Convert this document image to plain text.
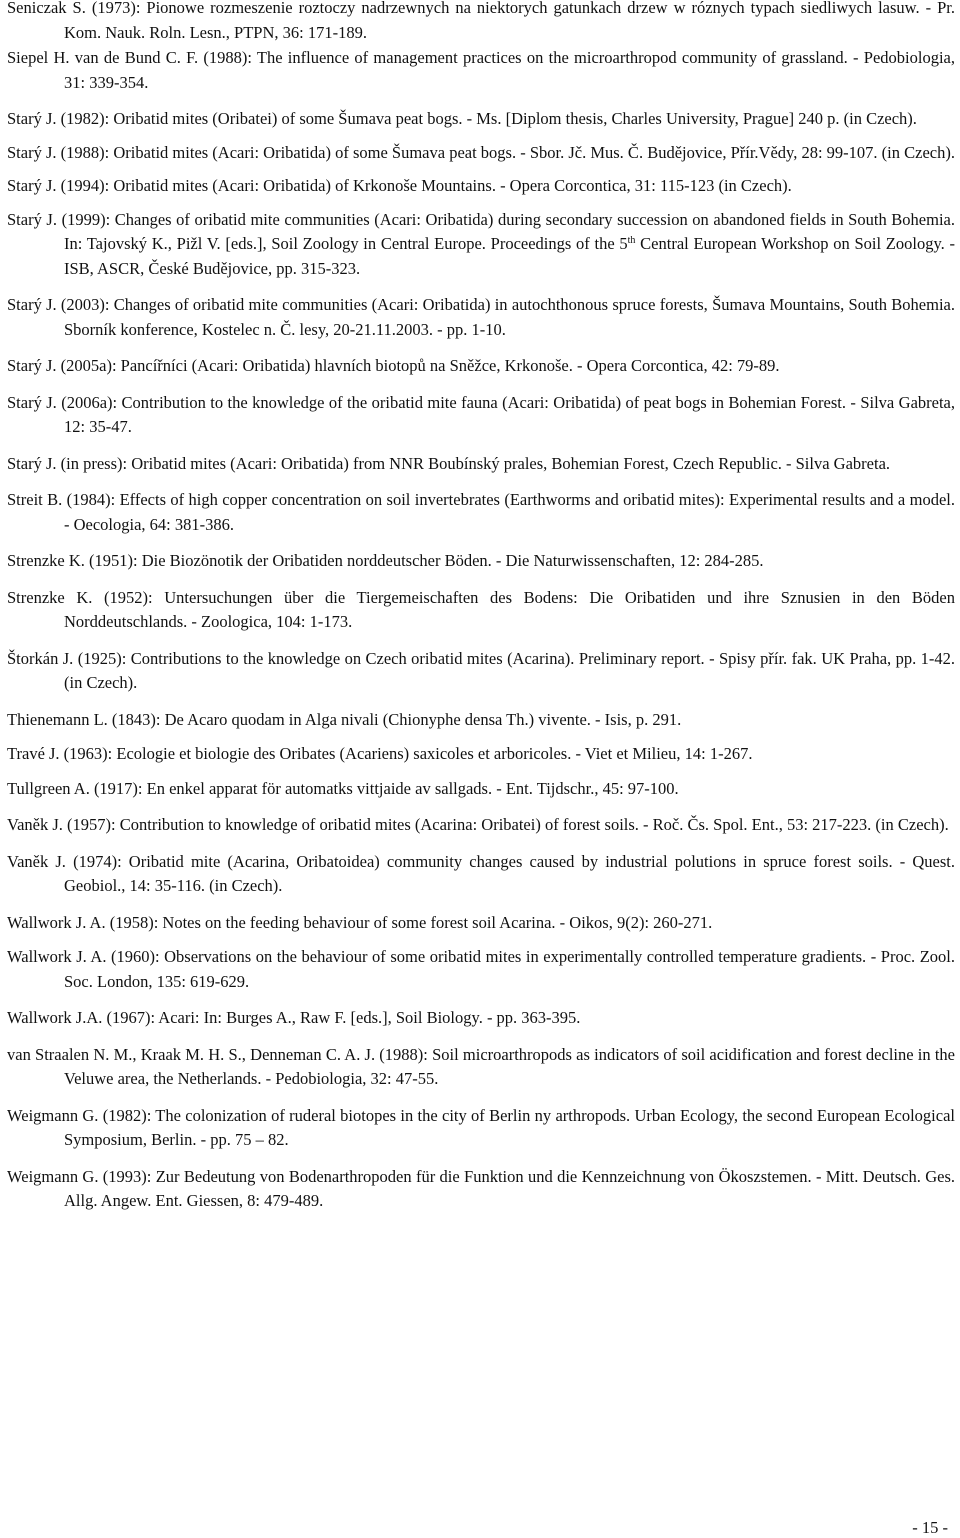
Seniczak S. (1973): Pionowe rozmeszenie roztoczy nadrzewnych na niektorych gatunkach drzew w róznych typach siedliwych lasuw. - Pr. Kom. Nauk. Roln. Lesn., PTPN, 36: 171-189.

Siepel H. van de Bund C. F. (1988): The influence of management practices on the microarthropod community of grassland. - Pedobiologia, 31: 339-354.

Starý J. (1982): Oribatid mites (Oribatei) of some Šumava peat bogs. - Ms. [Diplom thesis, Charles University, Prague] 240 p. (in Czech).

Starý J. (1988): Oribatid mites (Acari: Oribatida) of some Šumava peat bogs. - Sbor. Jč. Mus. Č. Budějovice, Přír.Vědy, 28: 99-107. (in Czech).

Starý J. (1994): Oribatid mites (Acari: Oribatida) of Krkonoše Mountains. - Opera Corcontica, 31: 115-123 (in Czech).

Starý J. (1999): Changes of oribatid mite communities (Acari: Oribatida) during secondary succession on abandoned fields in South Bohemia. In: Tajovský K., Pižl V. [eds.], Soil Zoology in Central Europe. Proceedings of the 5th Central European Workshop on Soil Zoology. - ISB, ASCR, České Budějovice, pp. 315-323.

Starý J. (2003): Changes of oribatid mite communities (Acari: Oribatida) in autochthonous spruce forests, Šumava Mountains, South Bohemia. Sborník konference, Kostelec n. Č. lesy, 20-21.11.2003. - pp. 1-10.

Starý J. (2005a): Pancířníci (Acari: Oribatida) hlavních biotopů na Sněžce, Krkonoše. - Opera Corcontica, 42: 79-89.

Starý J. (2006a): Contribution to the knowledge of the oribatid mite fauna (Acari: Oribatida) of peat bogs in Bohemian Forest. - Silva Gabreta, 12: 35-47.

Starý J. (in press): Oribatid mites (Acari: Oribatida) from NNR Boubínský prales, Bohemian Forest, Czech Republic. - Silva Gabreta.

Streit B. (1984): Effects of high copper concentration on soil invertebrates (Earthworms and oribatid mites): Experimental results and a model. - Oecologia, 64: 381-386.

Strenzke K. (1951): Die Biozönotik der Oribatiden norddeutscher Böden. - Die Naturwissenschaften, 12: 284-285.

Strenzke K. (1952): Untersuchungen über die Tiergemeischaften des Bodens: Die Oribatiden und ihre Sznusien in den Böden Norddeutschlands. - Zoologica, 104: 1-173.

Štorkán J. (1925): Contributions to the knowledge on Czech oribatid mites (Acarina). Preliminary report. - Spisy přír. fak. UK Praha, pp. 1-42. (in Czech).

Thienemann L. (1843): De Acaro quodam in Alga nivali (Chionyphe densa Th.) vivente. - Isis, p. 291.

Travé J. (1963): Ecologie et biologie des Oribates (Acariens) saxicoles et arboricoles. - Viet et Milieu, 14: 1-267.

Tullgreen A. (1917): En enkel apparat för automatks vittjaide av sallgads. - Ent. Tijdschr., 45: 97-100.

Vaněk J. (1957): Contribution to knowledge of oribatid mites (Acarina: Oribatei) of forest soils. - Roč. Čs. Spol. Ent., 53: 217-223. (in Czech).

Vaněk J. (1974): Oribatid mite (Acarina, Oribatoidea) community changes caused by industrial polutions in spruce forest soils. - Quest. Geobiol., 14: 35-116. (in Czech).

Wallwork J. A. (1958): Notes on the feeding behaviour of some forest soil Acarina. - Oikos, 9(2): 260-271.

Wallwork J. A. (1960): Observations on the behaviour of some oribatid mites in experimentally controlled temperature gradients. - Proc. Zool. Soc. London, 135: 619-629.

Wallwork J.A. (1967): Acari: In: Burges A., Raw F. [eds.], Soil Biology. - pp. 363-395.

van Straalen N. M., Kraak M. H. S., Denneman C. A. J. (1988): Soil microarthropods as indicators of soil acidification and forest decline in the Veluwe area, the Netherlands. - Pedobiologia, 32: 47-55.

Weigmann G. (1982): The colonization of ruderal biotopes in the city of Berlin ny arthropods. Urban Ecology, the second European Ecological Symposium, Berlin. - pp. 75 – 82.

Weigmann G. (1993): Zur Bedeutung von Bodenarthropoden für die Funktion und die Kennzeichnung von Ökoszstemen. - Mitt. Deutsch. Ges. Allg. Angew. Ent. Giessen, 8: 479-489.

- 15 -
